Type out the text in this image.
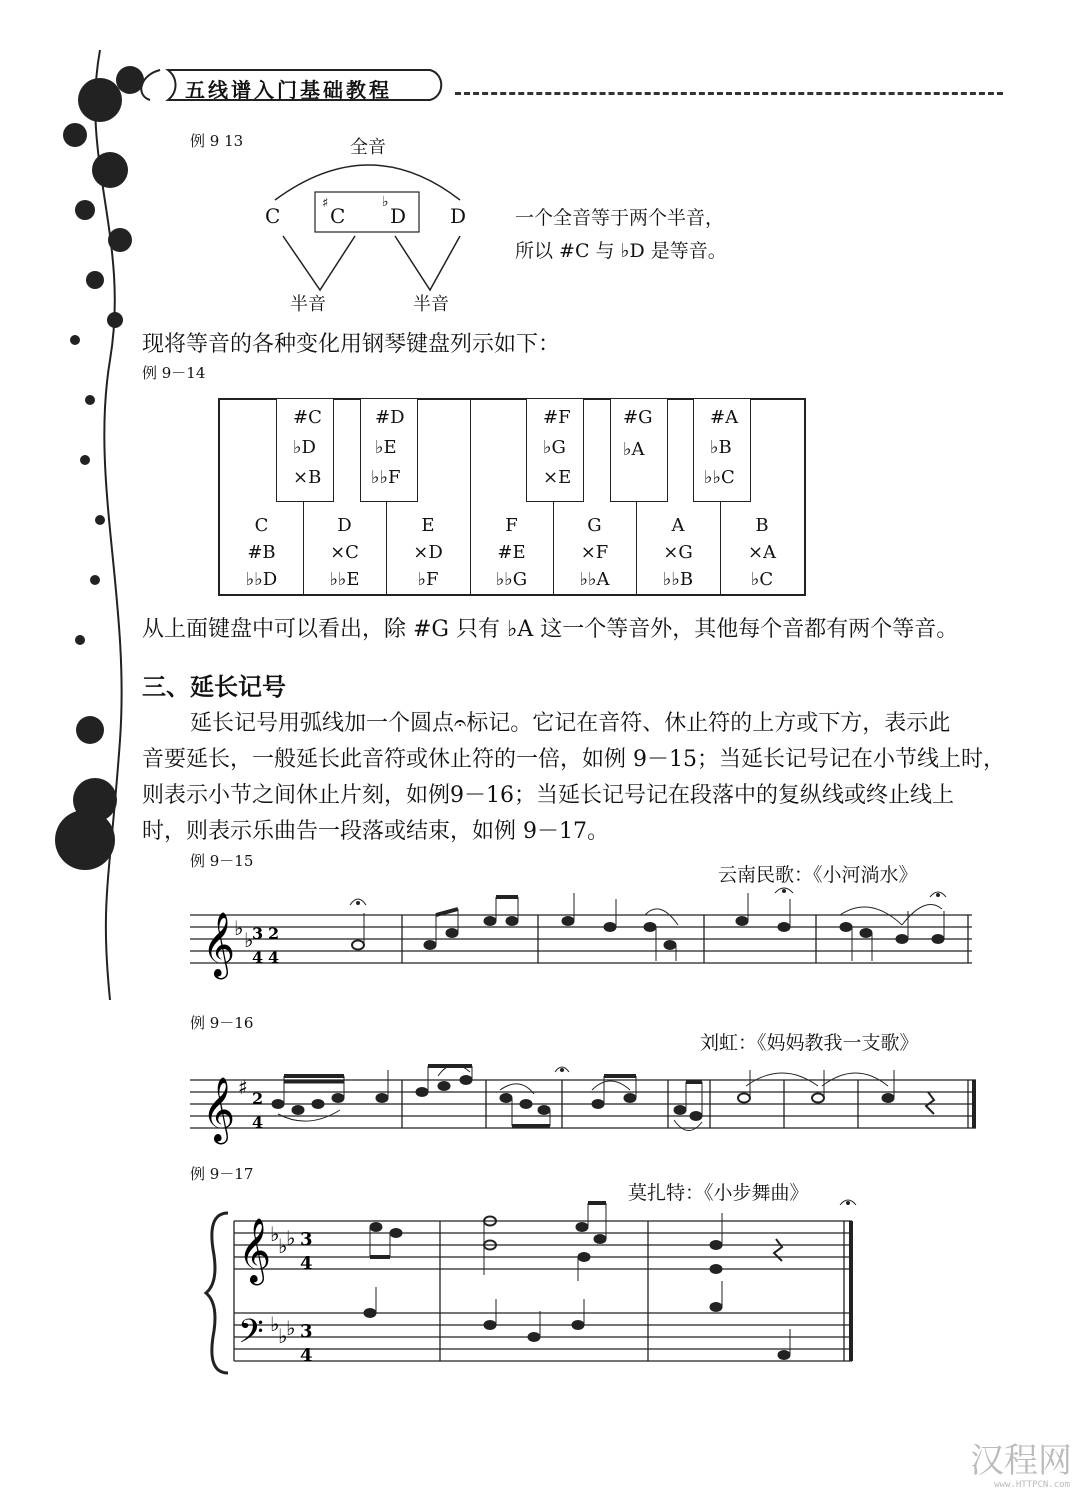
五线谱入门基础教程
例 9 13	全音
C
♯
C
♭
D D
半音	半音
一个全音等于两个半音，
所以 #C 与 ♭D 是等音。
现将等音的各种变化用钢琴键盘列示如下：
例 9－14
#C
♭D
×B
#D
♭E
♭♭F
#F
♭G
×E
#G
♭A
#A
♭B
♭♭C
C
#B
♭♭D
D
×C
♭♭E
E
×D
♭F
F
#E
♭♭G
G
×F
♭♭A
A
×G
♭♭B
B
×A
♭C
从上面键盘中可以看出，除 #G 只有 ♭A 这一个等音外，其他每个音都有两个等音。
三、延长记号
延长记号用弧线加一个圆点𝄐标记。它记在音符、休止符的上方或下方，表示此
音要延长，一般延长此音符或休止符的一倍，如例 9－15；当延长记号记在小节线上时，
则表示小节之间休止片刻，如例9－16；当延长记号记在段落中的复纵线或终止线上
时，则表示乐曲告一段落或结束，如例 9－17。
例 9－15
云南民歌：《小河淌水》
𝄞
♭ ♭
3
4
2
4
例 9－16
刘虹：《妈妈教我一支歌》
𝄞 ♯ 2
4
例 9－17
莫扎特：《小步舞曲》
𝄞
𝄢
♭
♭
♭
♭
♭
♭
3
4
3
4
汉程网
www.HTTPCN.com
